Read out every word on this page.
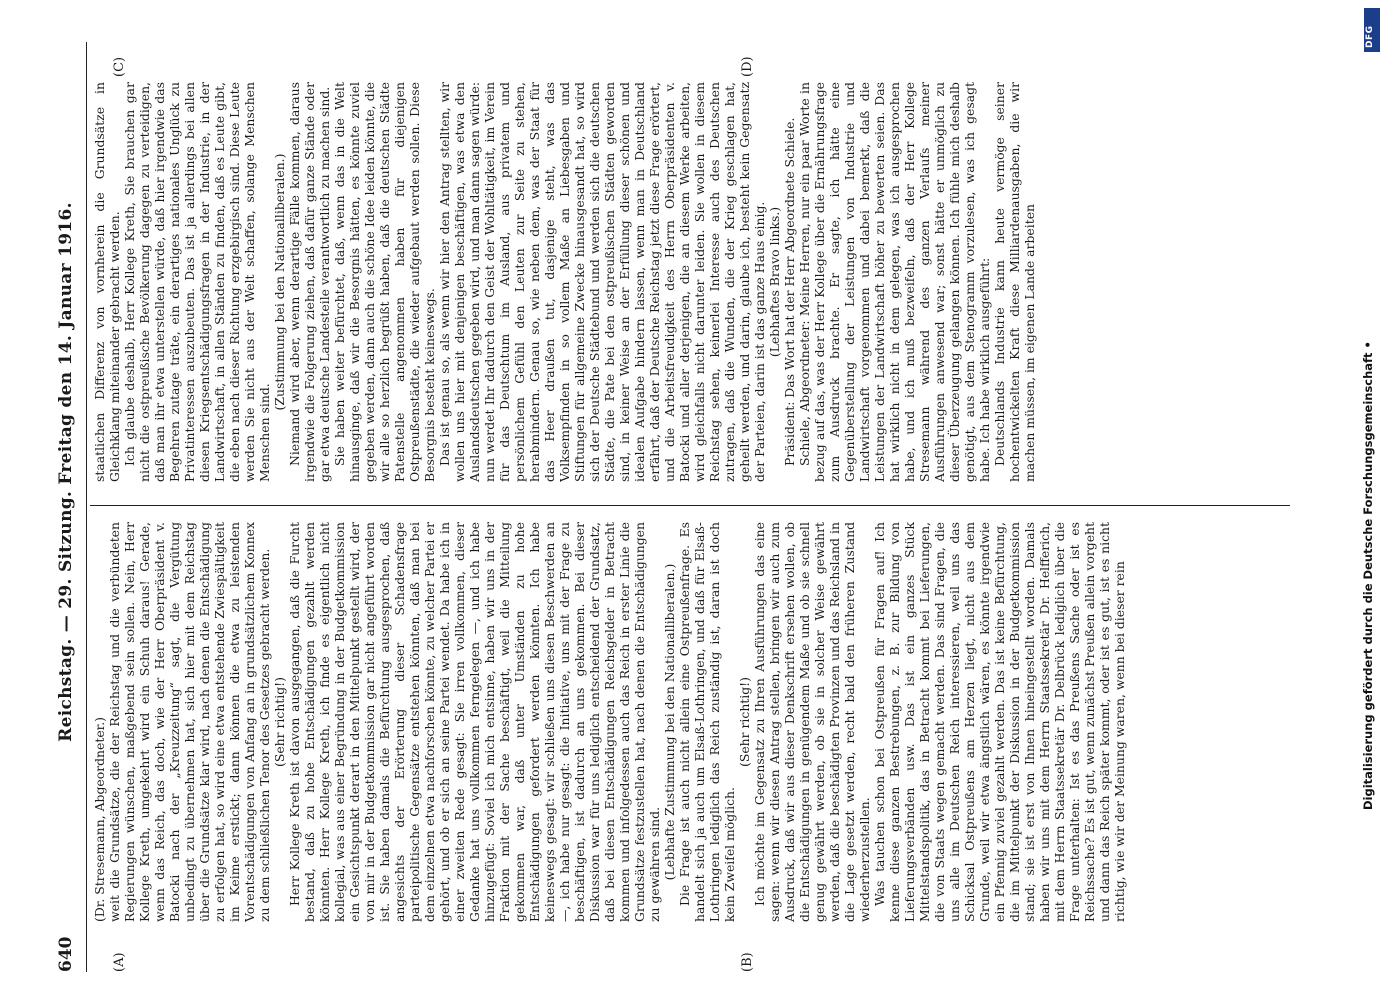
640
Reichstag. — 29. Sitzung. Freitag den 14. Januar 1916.
(A)	(B)
(C)	(D)

(Dr. Stresemann, Abgeordneter.) weit die Grundsätze, die der Reichstag und die verbündeten Regierungen wünschen, maßgebend sein sollen. Nein, Herr Kollege Kreth, umgekehrt wird ein Schuh daraus! Gerade, wenn das Reich, das doch, wie der Herr Oberpräsident v. Batocki nach der „Kreuzzeitung“ sagt, die Vergütung unbedingt zu übernehmen hat, sich hier mit dem Reichstag über die Grundsätze klar wird, nach denen die Entschädigung zu erfolgen hat, so wird eine etwa entstehende Zwiespältigkeit im Keime erstickt; dann können die etwa zu leistenden Vorentschädigungen von Anfang an in grundsätzlichem Konnex zu dem schließlichen Tenor des Gesetzes gebracht werden. (Sehr richtig!) Herr Kollege Kreth ist davon ausgegangen, daß die Furcht bestand, daß zu hohe Entschädigungen gezahlt werden könnten. Herr Kollege Kreth, ich finde es eigentlich nicht kollegial, was aus einer Begründung in der Budgetkommission ein Gesichtspunkt derart in den Mittelpunkt gestellt wird, der von mir in der Budgetkommission gar nicht angeführt worden ist. Sie haben damals die Befürchtung ausgesprochen, daß angesichts der Erörterung dieser Schadensfrage parteipolitische Gegensätze entstehen könnten, daß man bei dem einzelnen etwa nachforschen könnte, zu welcher Partei er gehört, und ob er sich an seine Partei wendet. Da habe ich in einer zweiten Rede gesagt: Sie irren vollkommen, dieser Gedanke hat uns vollkommen ferngelegen —, und ich habe hinzugefügt: Soviel ich mich entsinne, haben wir uns in der Fraktion mit der Sache beschäftigt, weil die Mitteilung gekommen war, daß unter Umständen zu hohe Entschädigungen gefordert werden könnten. Ich habe keineswegs gesagt: wir schließen uns diesen Beschwerden an —, ich habe nur gesagt: die Initiative, uns mit der Frage zu beschäftigen, ist dadurch an uns gekommen. Bei dieser Diskussion war für uns lediglich entscheidend der Grundsatz, daß bei diesen Entschädigungen Reichsgelder in Betracht kommen und infolgedessen auch das Reich in erster Linie die Grundsätze festzustellen hat, nach denen die Entschädigungen zu gewähren sind. (Lebhafte Zustimmung bei den Nationalliberalen.) Die Frage ist auch nicht allein eine Ostpreußenfrage. Es handelt sich ja auch um Elsaß-Lothringen, und daß für Elsaß-Lothringen lediglich das Reich zuständig ist, daran ist doch kein Zweifel möglich.

(Sehr richtig!) Ich möchte im Gegensatz zu Ihren Ausführungen das eine sagen: wenn wir diesen Antrag stellen, bringen wir auch zum Ausdruck, daß wir aus dieser Denkschrift ersehen wollen, ob die Entschädigungen in genügendem Maße und ob sie schnell genug gewährt werden, ob sie in solcher Weise gewährt werden, daß die beschädigten Provinzen und das Reichsland in die Lage gesetzt werden, recht bald den früheren Zustand wiederherzustellen. Was tauchen schon bei Ostpreußen für Fragen auf! Ich kenne diese ganzen Bestrebungen, z. B. zur Bildung von Lieferungsverbänden usw. Das ist ein ganzes Stück Mittelstandspolitik, das in Betracht kommt bei Lieferungen, die von Staats wegen gemacht werden. Das sind Fragen, die uns alle im Deutschen Reich interessieren, weil uns das Schicksal Ostpreußens am Herzen liegt, nicht aus dem Grunde, weil wir etwa ängstlich wären, es könnte irgendwie ein Pfennig zuviel gezahlt werden. Das ist keine Befürchtung, die im Mittelpunkt der Diskussion in der Budgetkommission stand; sie ist erst von Ihnen hineingestellt worden. Damals haben wir uns mit dem Herrn Staatssekretär Dr. Helfferich, mit dem Herrn Staatssekretär Dr. Delbrück lediglich über die Frage unterhalten: Ist es das Preußens Sache oder ist es Reichssache? Es ist gut, wenn zunächst Preußen allein vorgeht und dann das Reich später kommt, oder ist es gut, ist es nicht richtig, wie wir der Meinung waren, wenn bei dieser rein

staatlichen Differenz von vornherein die Grundsätze in Gleichklang miteinander gebracht werden. Ich glaube deshalb, Herr Kollege Kreth, Sie brauchen gar nicht die ostpreußische Bevölkerung dagegen zu verteidigen, daß man ihr etwa unterstellen würde, daß hier irgendwie das Begehren zutage träte, ein derartiges nationales Unglück zu Privatinteressen auszubeuten. Das ist ja allerdings bei allen diesen Kriegsentschädigungsfragen in der Industrie, in der Landwirtschaft, in allen Ständen zu finden, daß es Leute gibt, die eben nach dieser Richtung erzgebirgisch sind. Diese Leute werden Sie nicht aus der Welt schaffen, solange Menschen Menschen sind.

(Zustimmung bei den Nationalliberalen.) Niemand wird aber, wenn derartige Fälle kommen, daraus irgendwie die Folgerung ziehen, daß dafür ganze Stände oder gar etwa deutsche Landesteile verantwortlich zu machen sind. Sie haben weiter befürchtet, daß, wenn das in die Welt hinausginge, daß wir die Besorgnis hätten, es könnte zuviel gegeben werden, dann auch die schöne Idee leiden könnte, die wir alle so herzlich begrüßt haben, daß die deutschen Städte Patenstelle angenommen haben für diejenigen Ostpreußenstädte, die wieder aufgebaut werden sollen. Diese Besorgnis besteht keineswegs. Das ist genau so, als wenn wir hier den Antrag stellten, wir wollen uns hier mit denjenigen beschäftigen, was etwa den Auslandsdeutschen gegeben wird, und man dann sagen würde: nun werdet Ihr dadurch den Geist der Wohltätigkeit, im Verein für das Deutschtum im Ausland, aus privatem und persönlichem Gefühl den Leuten zur Seite zu stehen, herabmindern. Genau so, wie neben dem, was der Staat für das Heer draußen tut, dasjenige steht, was das Volksempfinden in so vollem Maße an Liebesgaben und Stiftungen für allgemeine Zwecke hinausgesandt hat, so wird sich der Deutsche Städtebund und werden sich die deutschen Städte, die Pate bei den ostpreußischen Städten geworden sind, in keiner Weise an der Erfüllung dieser schönen und idealen Aufgabe hindern lassen, wenn man in Deutschland erfährt, daß der Deutsche Reichstag jetzt diese Frage erörtert, und die Arbeitsfreudigkeit des Herrn Oberpräsidenten v. Batocki und aller derjenigen, die an diesem Werke arbeiten, wird gleichfalls nicht darunter leiden. Sie wollen in diesem Reichstag sehen, keinerlei Interesse auch des Deutschen zutragen, daß die Wunden, die der Krieg geschlagen hat, geheilt werden, und darin, glaube ich, besteht kein Gegensatz der Parteien, darin ist das ganze Haus einig. (Lebhaftes Bravo links.) Präsident: Das Wort hat der Herr Abgeordnete Schiele. Schiele, Abgeordneter: Meine Herren, nur ein paar Worte in bezug auf das, was der Herr Kollege über die Ernährungsfrage zum Ausdruck brachte. Er sagte, ich hätte eine Gegenüberstellung der Leistungen von Industrie und Landwirtschaft vorgenommen und dabei bemerkt, daß die Leistungen der Landwirtschaft höher zu bewerten seien. Das hat wirklich nicht in dem gelegen, was ich ausgesprochen habe, und ich muß bezweifeln, daß der Herr Kollege Stresemann während des ganzen Verlaufs meiner Ausführungen anwesend war; sonst hätte er unmöglich zu dieser Überzeugung gelangen können. Ich fühle mich deshalb genötigt, aus dem Stenogramm vorzulesen, was ich gesagt habe. Ich habe wirklich ausgeführt: Deutschlands Industrie kann heute vermöge seiner hochentwickelten Kraft diese Milliardenausgaben, die wir machen müssen, im eigenen Lande arbeiten	Digitalisierung gefördert durch die Deutsche Forschungsgemeinschaft •
DFG
